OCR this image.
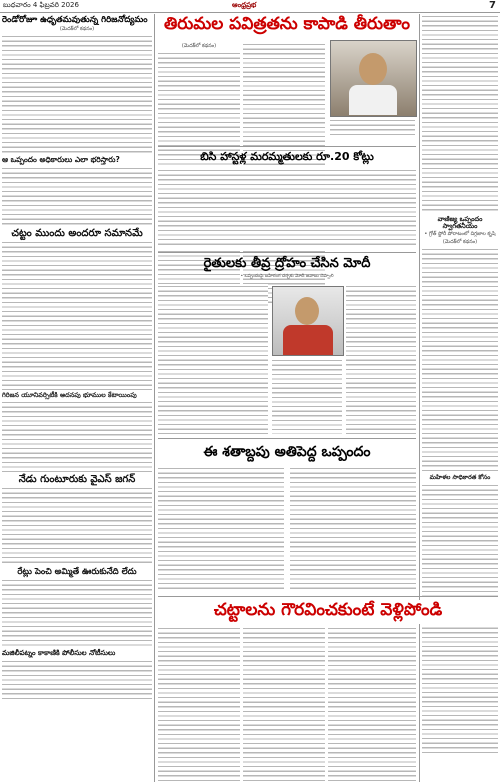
బుధవారం 4 ఫిబ్రవరి 2026	ఆంధ్రప్రభ	7
రెండోరోజూ ఉధృతమవుతున్న గిరిజనోద్యమం
(మెదక్‌లో కథనం)
ఆ ఒప్పందం అధికారులు ఎలా భరిస్తారు?
చట్టం ముందు అందరూ సమానమే
గిరిజన యూనివర్సిటీకి అదనపు భూముల కేటాయింపు
నేడు గుంటూరుకు వైఎస్ జగన్
రేట్లు పెంచి అమ్మితే ఊరుకునేది లేదు
మజిలీపట్నం కాకాణికి పోలీసుల నోటీసులు
తిరుమల పవిత్రతను కాపాడి తీరుతాం
(మెదక్‌లో కథనం)
వాణిజ్య ఒప్పందం స్వాగతనీయం
• గ్రోత్ స్టోరీ పోరాటంలో దిగ్గజాల కృషి
(మెదక్‌లో కథనం)
మహిళల సాధికారత కోసం
బిసి హాస్టళ్ల మరమ్మతులకు రూ.20 కోట్లు
రైతులకు తీవ్ర ద్రోహం చేసిన మోదీ
• ఒప్పందంపై బహిరంగ చర్చకు మోదీ జవాబు చెప్పాలి
ఈ శతాబ్దపు అతిపెద్ద ఒప్పందం
చట్టాలను గౌరవించకుంటే వెళ్లిపోండి
